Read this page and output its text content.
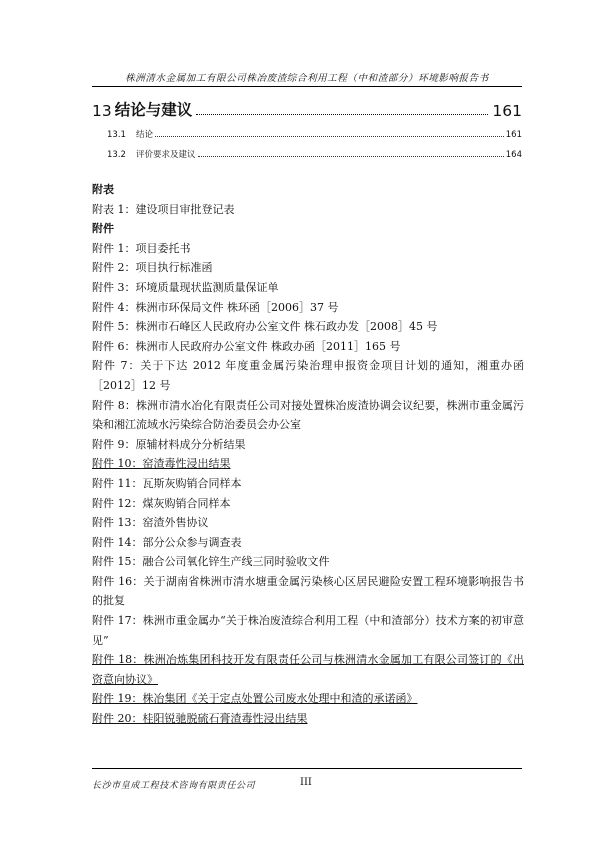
株洲清水金属加工有限公司株冶废渣综合利用工程（中和渣部分）环境影响报告书
13 结论与建议	161
13.1	结论	161
13.2	评价要求及建议	164
附表
附表 1：建设项目审批登记表
附件
附件 1：项目委托书
附件 2：项目执行标准函
附件 3：环境质量现状监测质量保证单
附件 4：株洲市环保局文件 株环函［2006］37 号
附件 5：株洲市石峰区人民政府办公室文件 株石政办发［2008］45 号
附件 6：株洲市人民政府办公室文件 株政办函［2011］165 号
附件 7：关于下达 2012 年度重金属污染治理申报资金项目计划的通知，湘重办函［2012］12 号
附件 8：株洲市清水冶化有限责任公司对接处置株冶废渣协调会议纪要，株洲市重金属污染和湘江流域水污染综合防治委员会办公室
附件 9：原辅材料成分分析结果
附件 10：窑渣毒性浸出结果
附件 11：瓦斯灰购销合同样本
附件 12：煤灰购销合同样本
附件 13：窑渣外售协议
附件 14：部分公众参与调查表
附件 15：融合公司氧化锌生产线三同时验收文件
附件 16：关于湖南省株洲市清水塘重金属污染核心区居民避险安置工程环境影响报告书的批复
附件 17：株洲市重金属办“关于株冶废渣综合利用工程（中和渣部分）技术方案的初审意见”
附件 18：株洲冶炼集团科技开发有限责任公司与株洲清水金属加工有限公司签订的《出资意向协议》
附件 19：株冶集团《关于定点处置公司废水处理中和渣的承诺函》
附件 20：桂阳锐驰脱硫石膏渣毒性浸出结果
长沙市皇成工程技术咨询有限责任公司	III
